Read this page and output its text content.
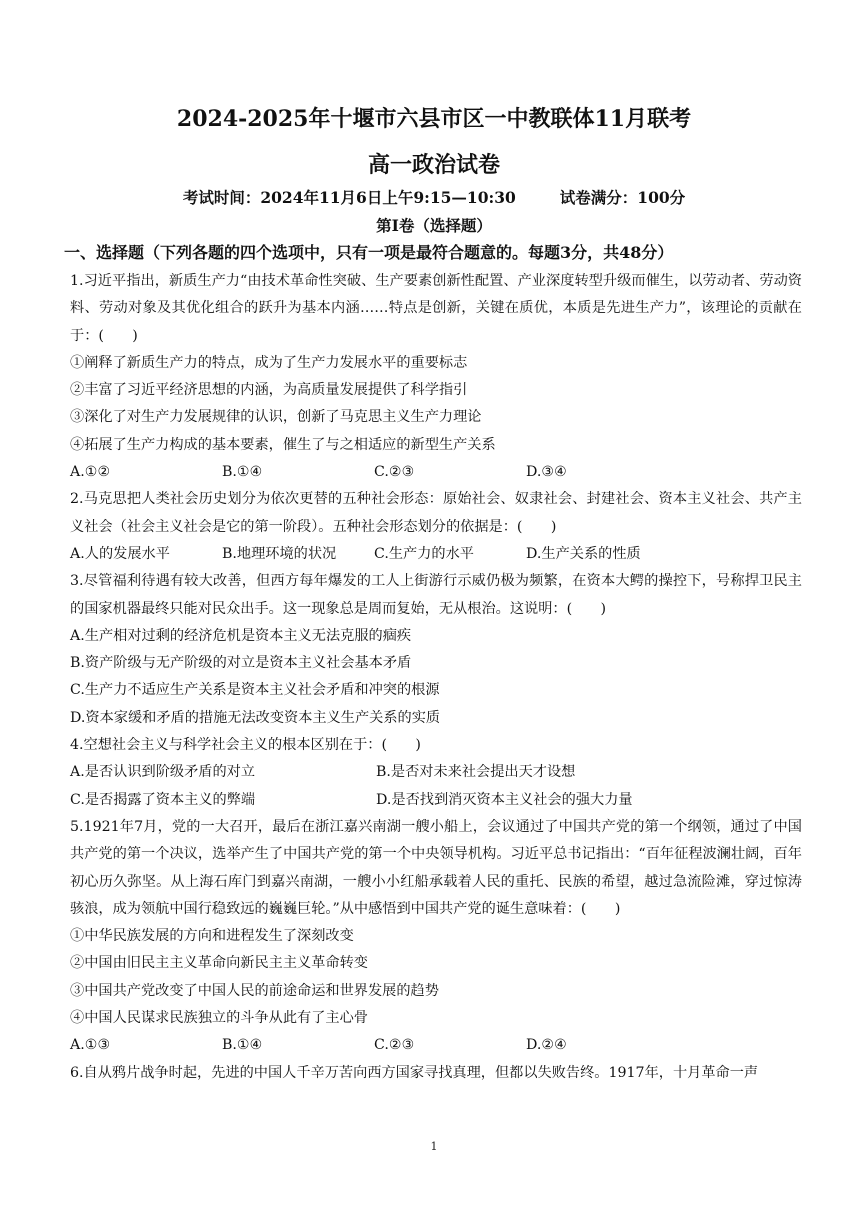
2024-2025年十堰市六县市区一中教联体11月联考
高一政治试卷
考试时间：2024年11月6日上午9:15—10:30	试卷满分：100分
第Ⅰ卷（选择题）
一、选择题（下列各题的四个选项中，只有一项是最符合题意的。每题3分，共48分）
1.习近平指出，新质生产力“由技术革命性突破、生产要素创新性配置、产业深度转型升级而催生，以劳动者、劳动资料、劳动对象及其优化组合的跃升为基本内涵……特点是创新，关键在质优，本质是先进生产力”，该理论的贡献在于：(　　)
①阐释了新质生产力的特点，成为了生产力发展水平的重要标志
②丰富了习近平经济思想的内涵，为高质量发展提供了科学指引
③深化了对生产力发展规律的认识，创新了马克思主义生产力理论
④拓展了生产力构成的基本要素，催生了与之相适应的新型生产关系
A.①②	B.①④	C.②③	D.③④
2.马克思把人类社会历史划分为依次更替的五种社会形态：原始社会、奴隶社会、封建社会、资本主义社会、共产主义社会（社会主义社会是它的第一阶段）。五种社会形态划分的依据是：(　　)
A.人的发展水平	B.地理环境的状况	C.生产力的水平	D.生产关系的性质
3.尽管福利待遇有较大改善，但西方每年爆发的工人上街游行示威仍极为频繁，在资本大鳄的操控下，号称捍卫民主的国家机器最终只能对民众出手。这一现象总是周而复始，无从根治。这说明：(　　)
A.生产相对过剩的经济危机是资本主义无法克服的痼疾
B.资产阶级与无产阶级的对立是资本主义社会基本矛盾
C.生产力不适应生产关系是资本主义社会矛盾和冲突的根源
D.资本家缓和矛盾的措施无法改变资本主义生产关系的实质
4.空想社会主义与科学社会主义的根本区别在于：(　　)
A.是否认识到阶级矛盾的对立	B.是否对未来社会提出天才设想
C.是否揭露了资本主义的弊端	D.是否找到消灭资本主义社会的强大力量
5.1921年7月，党的一大召开，最后在浙江嘉兴南湖一艘小船上，会议通过了中国共产党的第一个纲领，通过了中国共产党的第一个决议，选举产生了中国共产党的第一个中央领导机构。习近平总书记指出：“百年征程波澜壮阔，百年初心历久弥坚。从上海石库门到嘉兴南湖，一艘小小红船承载着人民的重托、民族的希望，越过急流险滩，穿过惊涛骇浪，成为领航中国行稳致远的巍巍巨轮。”从中感悟到中国共产党的诞生意味着：(　　)
①中华民族发展的方向和进程发生了深刻改变
②中国由旧民主主义革命向新民主主义革命转变
③中国共产党改变了中国人民的前途命运和世界发展的趋势
④中国人民谋求民族独立的斗争从此有了主心骨
A.①③	B.①④	C.②③	D.②④
6.自从鸦片战争时起，先进的中国人千辛万苦向西方国家寻找真理，但都以失败告终。1917年，十月革命一声
1
